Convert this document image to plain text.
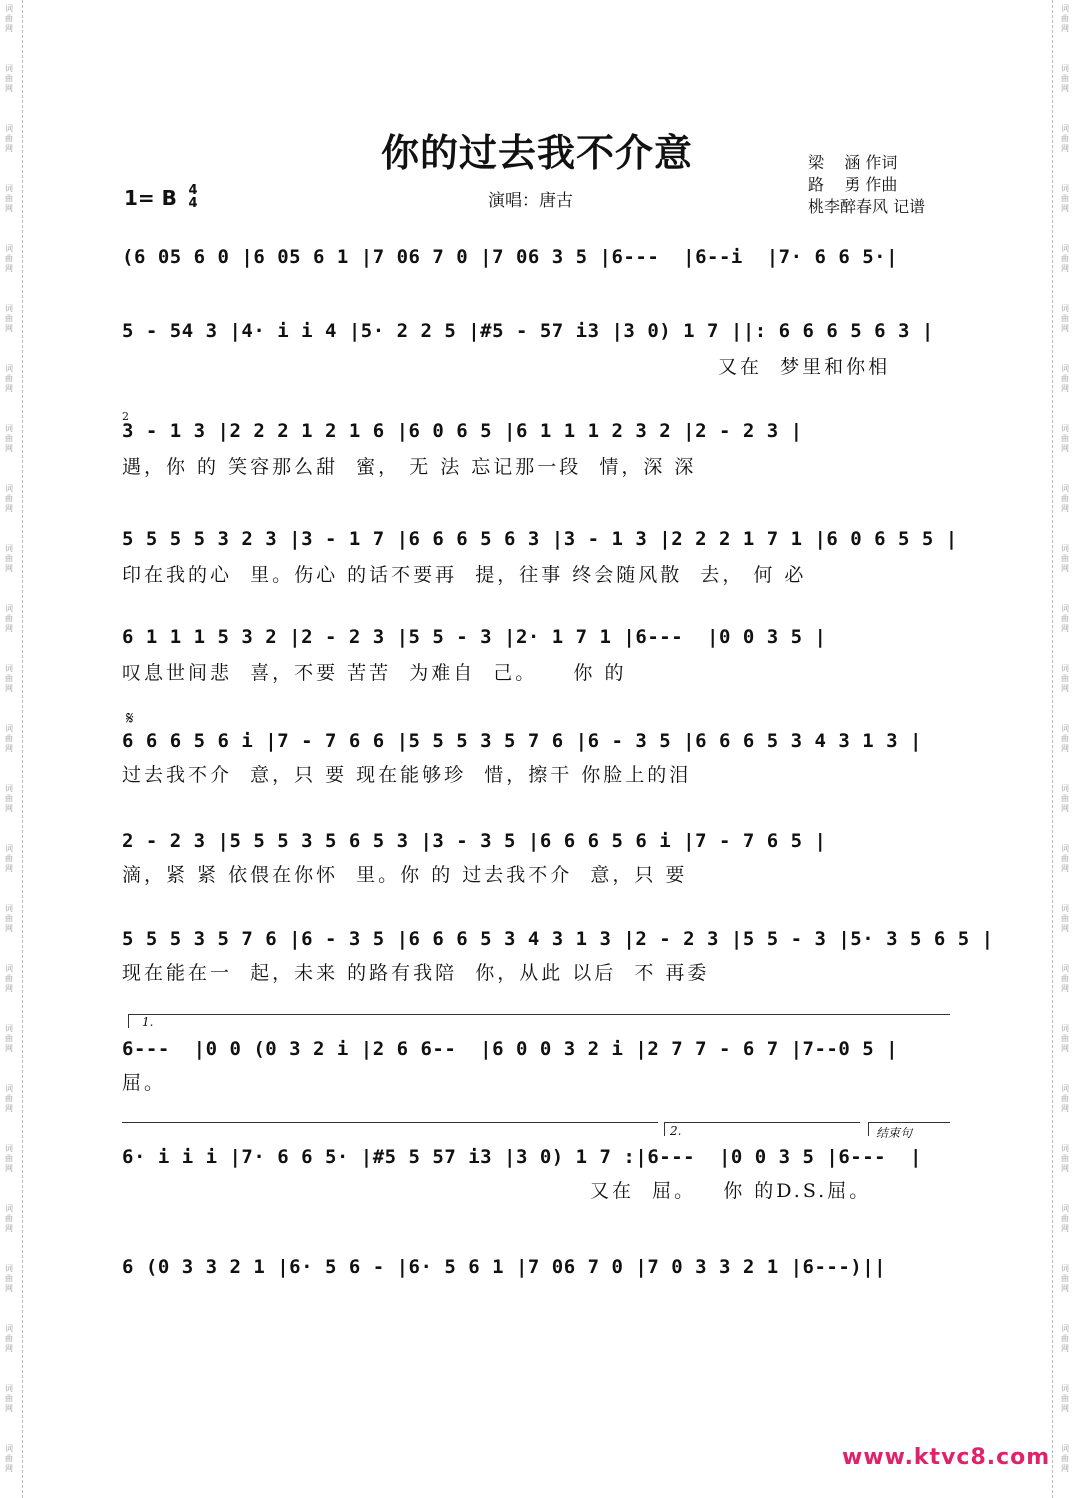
词
曲
网
词
曲
网
词
曲
网
词
曲
网
词
曲
网
词
曲
网
词
曲
网
词
曲
网
词
曲
网
词
曲
网
词
曲
网
词
曲
网
词
曲
网
词
曲
网
词
曲
网
词
曲
网
词
曲
网
词
曲
网
词
曲
网
词
曲
网
词
曲
网
词
曲
网
词
曲
网
词
曲
网
词
曲
网
词
曲
网
词
曲
网
词
曲
网
词
曲
网
词
曲
网
词
曲
网
词
曲
网
词
曲
网
词
曲
网
词
曲
网
词
曲
网
词
曲
网
词
曲
网
词
曲
网
词
曲
网
词
曲
网
词
曲
网
词
曲
网
词
曲
网
词
曲
网
词
曲
网
词
曲
网
词
曲
网
词
曲
网
词
曲
网
你的过去我不介意
1= B 4
4	演唱：唐古
梁    涵 作词
路    勇 作曲
桃李醉春风 记谱
(6 05 6 0 |6 05 6 1 |7 06 7 0 |7 06 3 5 |6---  |6--i  |7· 6 6 5·|
5 - 54 3 |4· i i 4 |5· 2 2 5 |#5 - 57 i3 |3 0) 1 7 ||: 6 6 6 5 6 3 |
又在  梦里和你相
2
3 - 1 3 |2 2 2 1 2 1 6 |6 0 6 5 |6 1 1 1 2 3 2 |2 - 2 3 |
遇，你 的 笑容那么甜  蜜， 无 法 忘记那一段  情，深 深
5 5 5 5 3 2 3 |3 - 1 7 |6 6 6 5 6 3 |3 - 1 3 |2 2 2 1 7 1 |6 0 6 5 5 |
印在我的心  里。伤心 的话不要再  提，往事 终会随风散  去， 何 必
6 1 1 1 5 3 2 |2 - 2 3 |5 5 - 3 |2· 1 7 1 |6---  |0 0 3 5 |
叹息世间悲  喜，不要 苦苦  为难自  己。    你 的
𝄋
6 6 6 5 6 i |7 - 7 6 6 |5 5 5 3 5 7 6 |6 - 3 5 |6 6 6 5 3 4 3 1 3 |
过去我不介  意，只 要 现在能够珍  惜，擦干 你脸上的泪
2 - 2 3 |5 5 5 3 5 6 5 3 |3 - 3 5 |6 6 6 5 6 i |7 - 7 6 5 |
滴，紧 紧 依偎在你怀  里。你 的 过去我不介  意，只 要
5 5 5 3 5 7 6 |6 - 3 5 |6 6 6 5 3 4 3 1 3 |2 - 2 3 |5 5 - 3 |5· 3 5 6 5 |
现在能在一  起，未来 的路有我陪  你，从此 以后  不 再委
1.
6---  |0 0 (0 3 2 i |2 6 6--  |6 0 0 3 2 i |2 7 7 - 6 7 |7--0 5 |
屈。
2.	结束句
6· i i i |7· 6 6 5· |#5 5 57 i3 |3 0) 1 7 :|6---  |0 0 3 5 |6---  |
又在  屈。   你 的D.S.屈。
6 (0 3 3 2 1 |6· 5 6 - |6· 5 6 1 |7 06 7 0 |7 0 3 3 2 1 |6---)||
www.ktvc8.com
